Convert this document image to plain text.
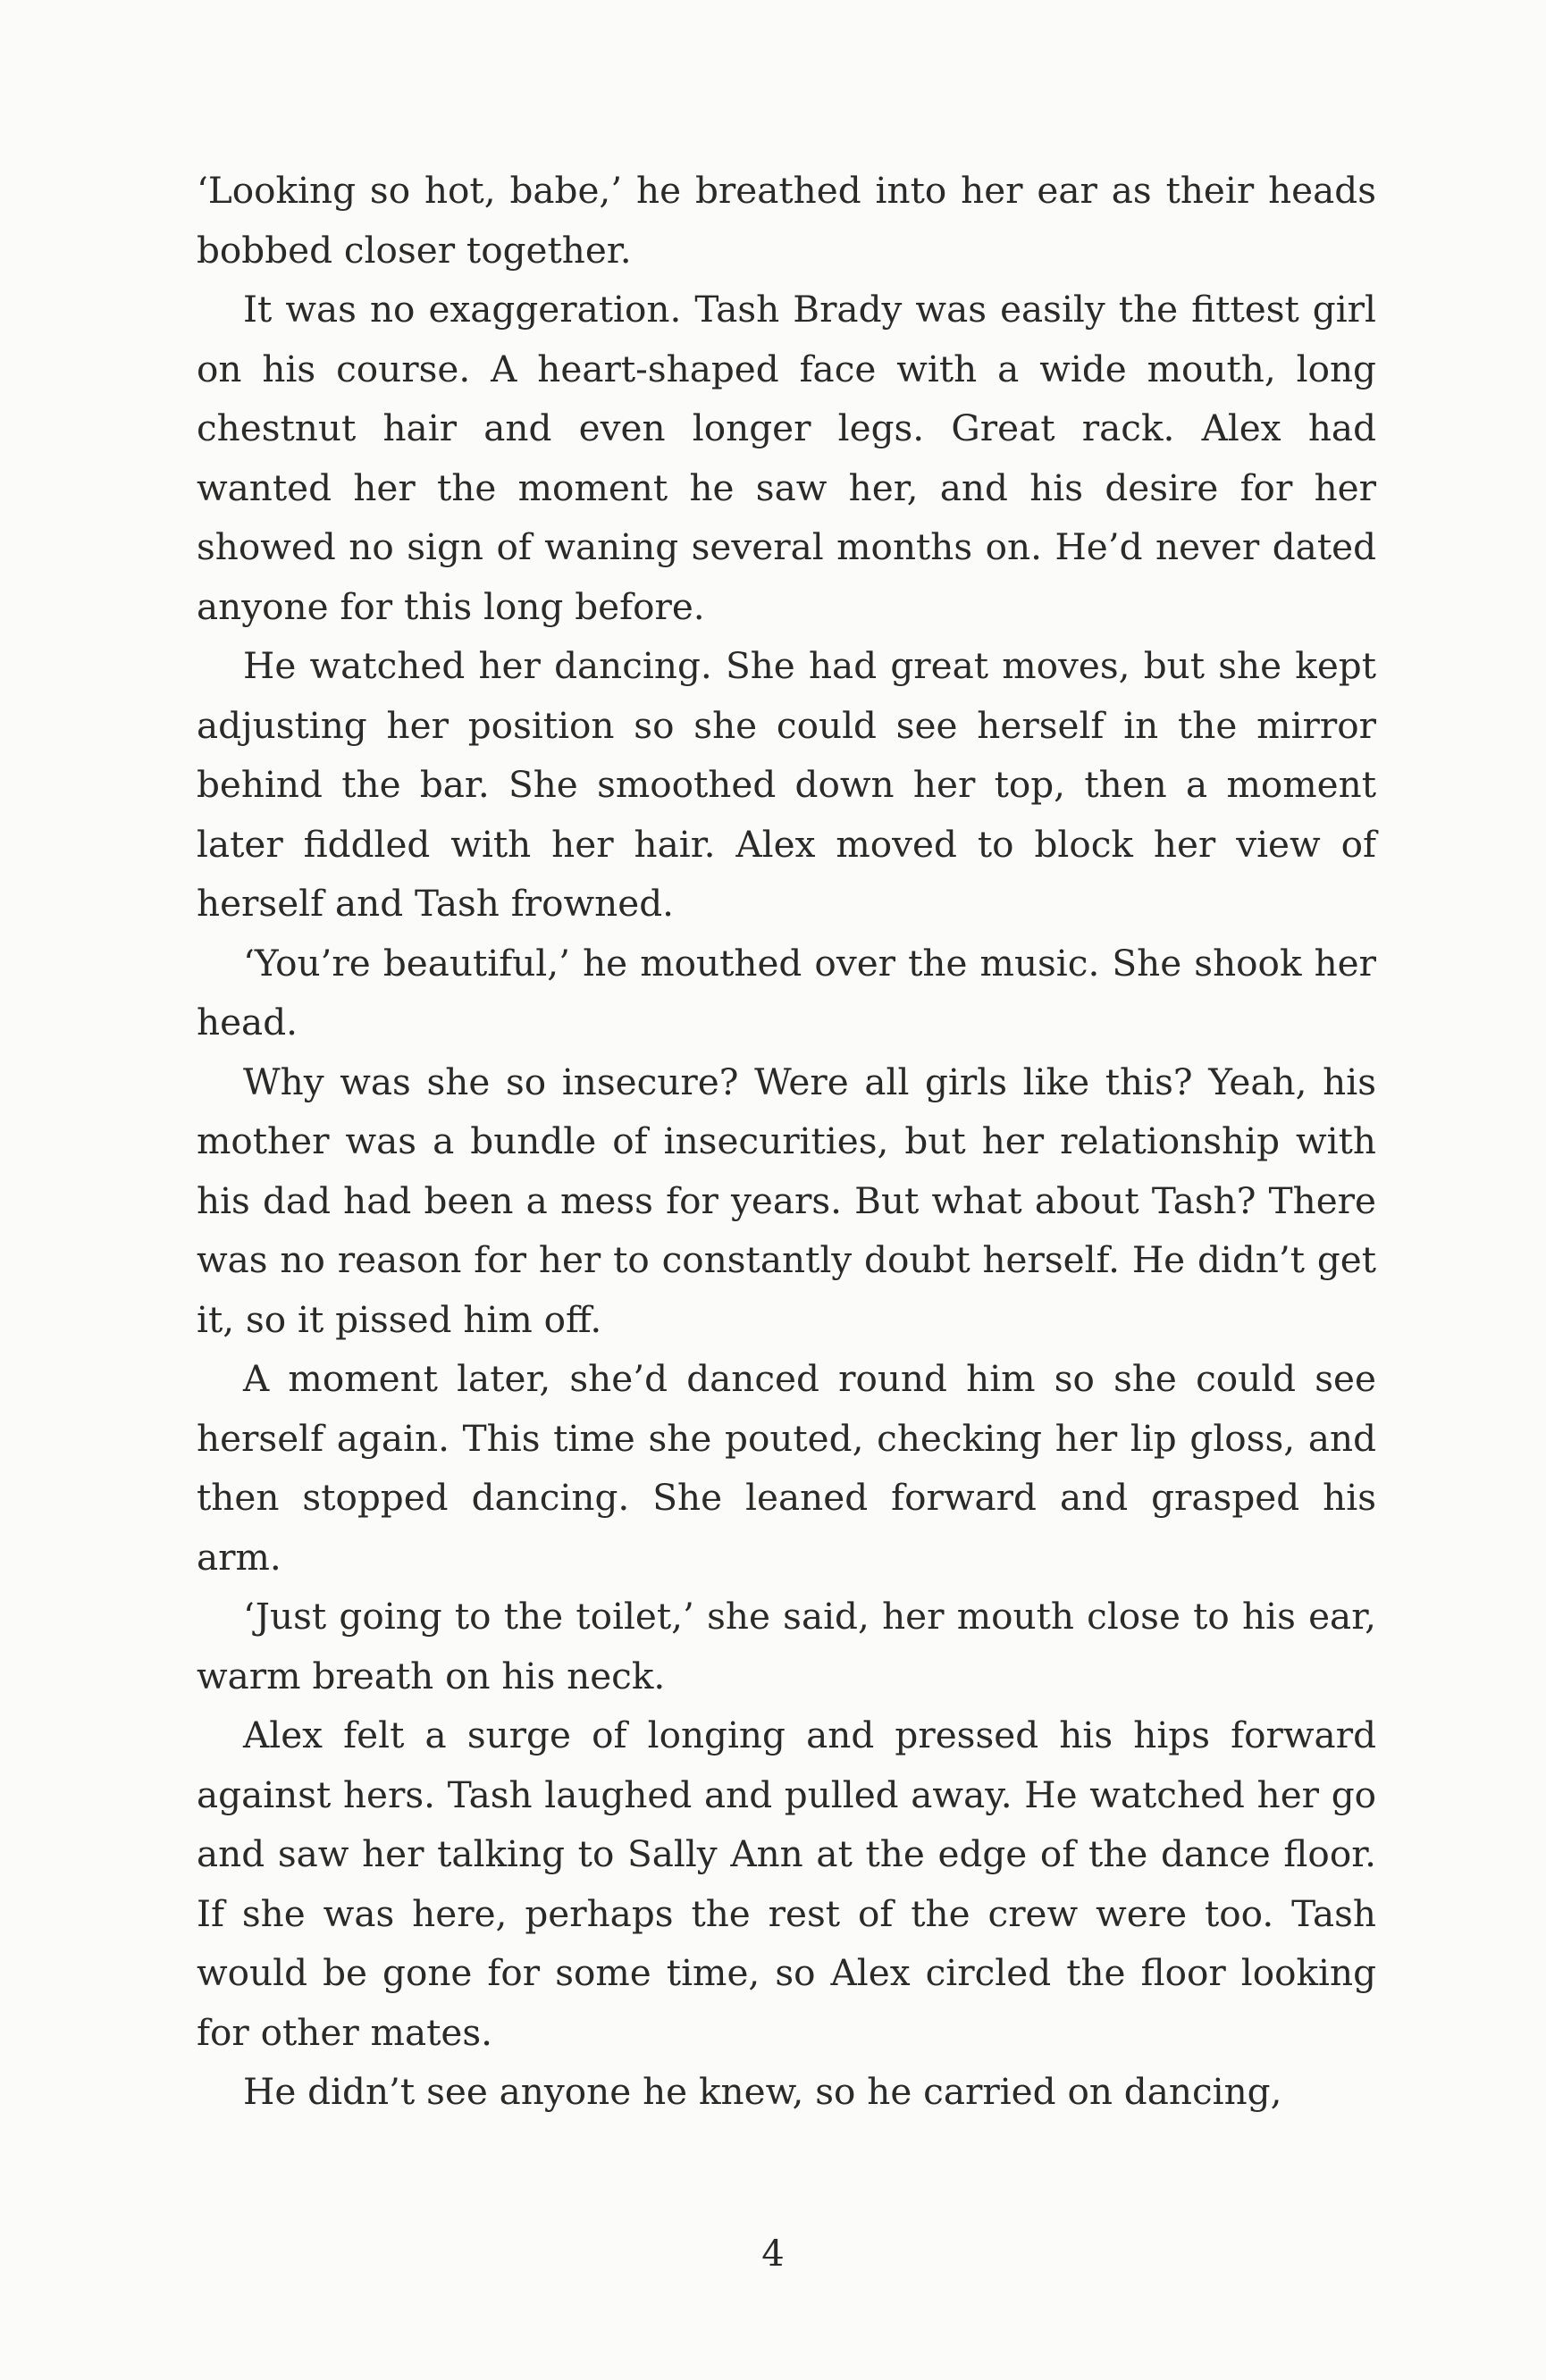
‘Looking so hot, babe,’ he breathed into her ear as their heads bobbed closer together.

It was no exaggeration. Tash Brady was easily the fittest girl on his course. A heart-shaped face with a wide mouth, long chestnut hair and even longer legs. Great rack. Alex had wanted her the moment he saw her, and his desire for her showed no sign of waning several months on. He’d never dated anyone for this long before.

He watched her dancing. She had great moves, but she kept adjusting her position so she could see herself in the mirror behind the bar. She smoothed down her top, then a moment later fiddled with her hair. Alex moved to block her view of herself and Tash frowned.

‘You’re beautiful,’ he mouthed over the music. She shook her head.

Why was she so insecure? Were all girls like this? Yeah, his mother was a bundle of insecurities, but her relationship with his dad had been a mess for years. But what about Tash? There was no reason for her to constantly doubt herself. He didn’t get it, so it pissed him off.

A moment later, she’d danced round him so she could see herself again. This time she pouted, checking her lip gloss, and then stopped dancing. She leaned forward and grasped his arm.

‘Just going to the toilet,’ she said, her mouth close to his ear, warm breath on his neck.

Alex felt a surge of longing and pressed his hips forward against hers. Tash laughed and pulled away. He watched her go and saw her talking to Sally Ann at the edge of the dance floor. If she was here, perhaps the rest of the crew were too. Tash would be gone for some time, so Alex circled the floor looking for other mates.

He didn’t see anyone he knew, so he carried on dancing,

4
